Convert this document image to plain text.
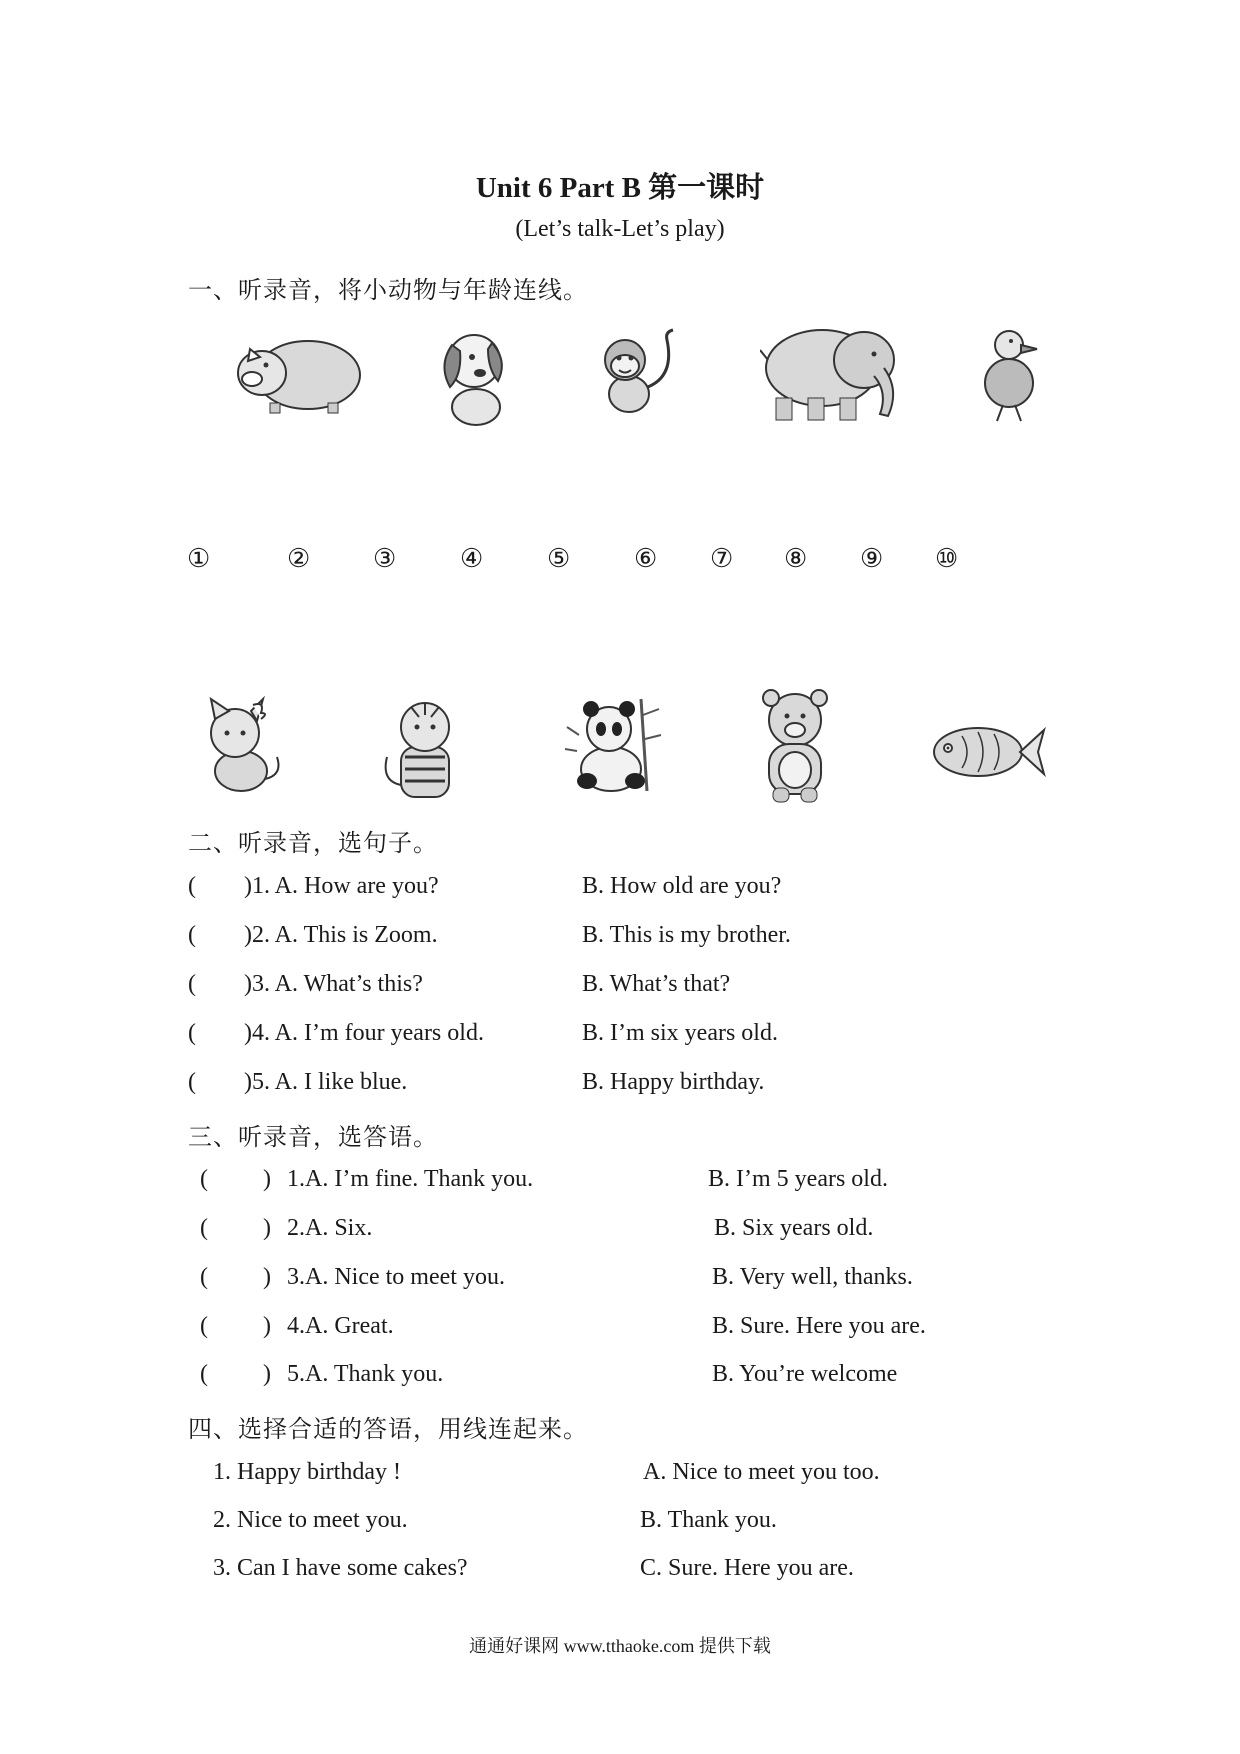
Unit 6 Part B 第一课时
(Let’s talk-Let’s play)
一、听录音，将小动物与年龄连线。
①	② ③ ④ ⑤ ⑥ ⑦ ⑧ ⑨ ⑩
二、听录音，选句子。
( )1. A. How are you?	B. How old are you?
( )2. A. This is Zoom.	B. This is my brother.
( )3. A. What’s this?	B. What’s that?
( )4. A. I’m four years old.	B. I’m six years old.
( )5. A. I like blue.	B. Happy birthday.
三、听录音，选答语。
( ) 1.A. I’m fine. Thank you.	B. I’m 5 years old.
( ) 2.A. Six.	B. Six years old.
( ) 3.A. Nice to meet you.	B. Very well, thanks.
( ) 4.A. Great.	B. Sure. Here you are.
( ) 5.A. Thank you.	B. You’re welcome
四、选择合适的答语，用线连起来。
1. Happy birthday !	A. Nice to meet you too.
2. Nice to meet you.	B. Thank you.
3. Can I have some cakes?	C. Sure. Here you are.
通通好课网 www.tthaoke.com 提供下载
